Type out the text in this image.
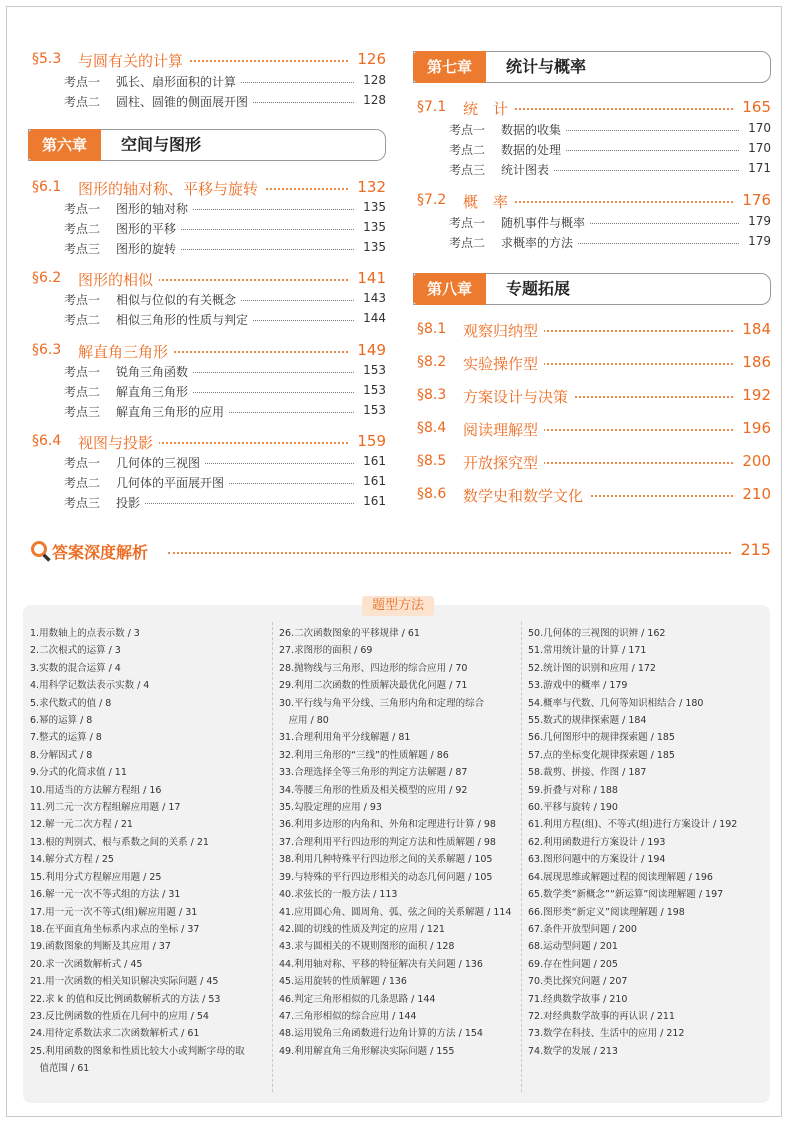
§5.3 与圆有关的计算	126
考点一 弧长、扇形面积的计算	128
考点二 圆柱、圆锥的侧面展开图	128
第六章	空间与图形
§6.1 图形的轴对称、平移与旋转	132
考点一 图形的轴对称	135
考点二 图形的平移	135
考点三 图形的旋转	135
§6.2 图形的相似	141
考点一 相似与位似的有关概念	143
考点二 相似三角形的性质与判定	144
§6.3 解直角三角形	149
考点一 锐角三角函数	153
考点二 解直角三角形	153
考点三 解直角三角形的应用	153
§6.4 视图与投影	159
考点一 几何体的三视图	161
考点二 几何体的平面展开图	161
考点三 投影	161
第七章	统计与概率
§7.1 统　计	165
考点一 数据的收集	170
考点二 数据的处理	170
考点三 统计图表	171
§7.2 概　率	176
考点一 随机事件与概率	179
考点二 求概率的方法	179
第八章	专题拓展
§8.1 观察归纳型	184
§8.2 实验操作型	186
§8.3 方案设计与决策	192
§8.4 阅读理解型	196
§8.5 开放探究型	200
§8.6 数学史和数学文化	210
答案深度解析	215
题型方法
1.用数轴上的点表示数 / 3
2.二次根式的运算 / 3
3.实数的混合运算 / 4
4.用科学记数法表示实数 / 4
5.求代数式的值 / 8
6.幂的运算 / 8
7.整式的运算 / 8
8.分解因式 / 8
9.分式的化简求值 / 11
10.用适当的方法解方程组 / 16
11.列二元一次方程组解应用题 / 17
12.解一元二次方程 / 21
13.根的判别式、根与系数之间的关系 / 21
14.解分式方程 / 25
15.利用分式方程解应用题 / 25
16.解一元一次不等式组的方法 / 31
17.用一元一次不等式(组)解应用题 / 31
18.在平面直角坐标系内求点的坐标 / 37
19.函数图象的判断及其应用 / 37
20.求一次函数解析式 / 45
21.用一次函数的相关知识解决实际问题 / 45
22.求 k 的值和反比例函数解析式的方法 / 53
23.反比例函数的性质在几何中的应用 / 54
24.用待定系数法求二次函数解析式 / 61
25.利用函数的图象和性质比较大小或判断字母的取
　值范围 / 61
26.二次函数图象的平移规律 / 61
27.求图形的面积 / 69
28.抛物线与三角形、四边形的综合应用 / 70
29.利用二次函数的性质解决最优化问题 / 71
30.平行线与角平分线、三角形内角和定理的综合
　应用 / 80
31.合理利用角平分线解题 / 81
32.利用三角形的“三线”的性质解题 / 86
33.合理选择全等三角形的判定方法解题 / 87
34.等腰三角形的性质及相关模型的应用 / 92
35.勾股定理的应用 / 93
36.利用多边形的内角和、外角和定理进行计算 / 98
37.合理利用平行四边形的判定方法和性质解题 / 98
38.利用几种特殊平行四边形之间的关系解题 / 105
39.与特殊的平行四边形相关的动态几何问题 / 105
40.求弦长的一般方法 / 113
41.应用圆心角、圆周角、弧、弦之间的关系解题 / 114
42.圆的切线的性质及判定的应用 / 121
43.求与圆相关的不规则图形的面积 / 128
44.利用轴对称、平移的特征解决有关问题 / 136
45.运用旋转的性质解题 / 136
46.判定三角形相似的几条思路 / 144
47.三角形相似的综合应用 / 144
48.运用锐角三角函数进行边角计算的方法 / 154
49.利用解直角三角形解决实际问题 / 155
50.几何体的三视图的识辨 / 162
51.常用统计量的计算 / 171
52.统计图的识别和应用 / 172
53.游戏中的概率 / 179
54.概率与代数、几何等知识相结合 / 180
55.数式的规律探索题 / 184
56.几何图形中的规律探索题 / 185
57.点的坐标变化规律探索题 / 185
58.裁剪、拼接、作图 / 187
59.折叠与对称 / 188
60.平移与旋转 / 190
61.利用方程(组)、不等式(组)进行方案设计 / 192
62.利用函数进行方案设计 / 193
63.图形问题中的方案设计 / 194
64.展现思维或解题过程的阅读理解题 / 196
65.数学类“新概念”“新运算”阅读理解题 / 197
66.图形类“新定义”阅读理解题 / 198
67.条件开放型问题 / 200
68.运动型问题 / 201
69.存在性问题 / 205
70.类比探究问题 / 207
71.经典数学故事 / 210
72.对经典数学故事的再认识 / 211
73.数学在科技、生活中的应用 / 212
74.数学的发展 / 213
